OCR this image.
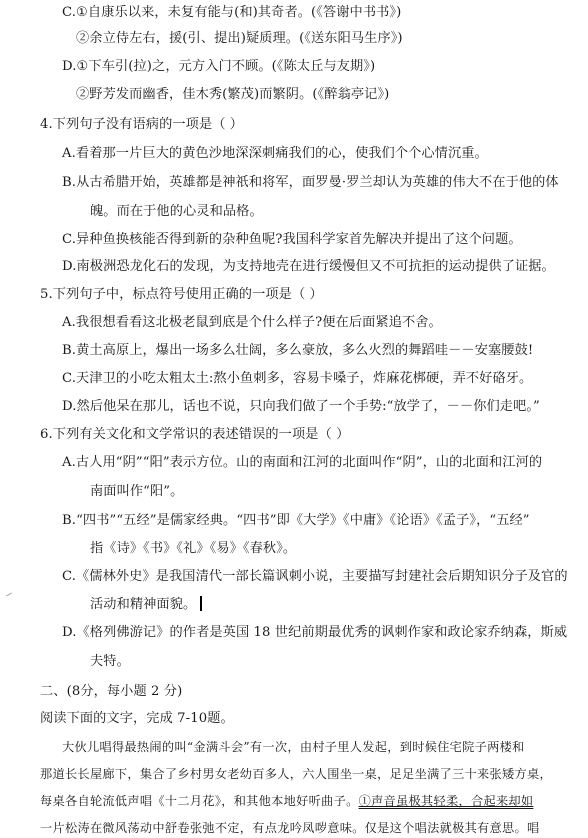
C.①自康乐以来，未复有能与(和)其奇者。(《答谢中书书》)
②余立侍左右，援(引、提出)疑质理。(《送东阳马生序》)
D.①下车引(拉)之，元方入门不顾。(《陈太丘与友期》)
②野芳发而幽香，佳木秀(繁茂)而繁阴。(《醉翁亭记》)
4.下列句子没有语病的一项是（ ）
A.看着那一片巨大的黄色沙地深深刺痛我们的心，使我们个个心情沉重。
B.从古希腊开始，英雄都是神祇和将军，面罗曼·罗兰却认为英雄的伟大不在于他的体
魄。而在于他的心灵和品格。
C.异种鱼换核能否得到新的杂种鱼呢?我国科学家首先解决并提出了这个问题。
D.南极洲恐龙化石的发现，为支持地壳在进行缓慢但又不可抗拒的运动提供了证据。
5.下列句子中，标点符号使用正确的一项是（ ）
A.我很想看看这北极老鼠到底是个什么样子?便在后面紧追不舍。
B.黄土高原上，爆出一场多么壮阔，多么豪放，多么火烈的舞蹈哇－－安塞腰鼓!
C.天津卫的小吃太粗太土:熬小鱼刺多，容易卡嗓子，炸麻花梆硬，弄不好硌牙。
D.然后他呆在那儿，话也不说，只向我们做了一个手势:“放学了，－－你们走吧。”
6.下列有关文化和文学常识的表述错误的一项是（ ）
A.古人用“阴”“阳”表示方位。山的南面和江河的北面叫作“阴”，山的北面和江河的
南面叫作“阳”。
B.“四书”“五经”是儒家经典。“四书”即《大学》《中庸》《论语》《孟子》，“五经”
指《诗》《书》《礼》《易》《春秋》。
C.《儒林外史》是我国清代一部长篇讽刺小说，主要描写封建社会后期知识分子及官的
活动和精神面貌。
D.《格列佛游记》的作者是英国 18 世纪前期最优秀的讽刺作家和政论家乔纳森，斯威
夫特。
二、(8分，每小题 2 分)
阅读下面的文字，完成 7-10题。
大伙儿唱得最热闹的叫“金满斗会”有一次，由村子里人发起，到时候住宅院子两楼和
那道长长屋廊下，集合了乡村男女老幼百多人，六人围坐一桌，足足坐满了三十来张矮方桌，
每桌各自轮流低声唱《十二月花》，和其他本地好听曲子。①声音虽极其轻柔，合起来却如
一片松涛在微风荡动中舒卷张弛不定，有点龙吟凤哕意味。仅是这个唱法就极其有意思。唱
